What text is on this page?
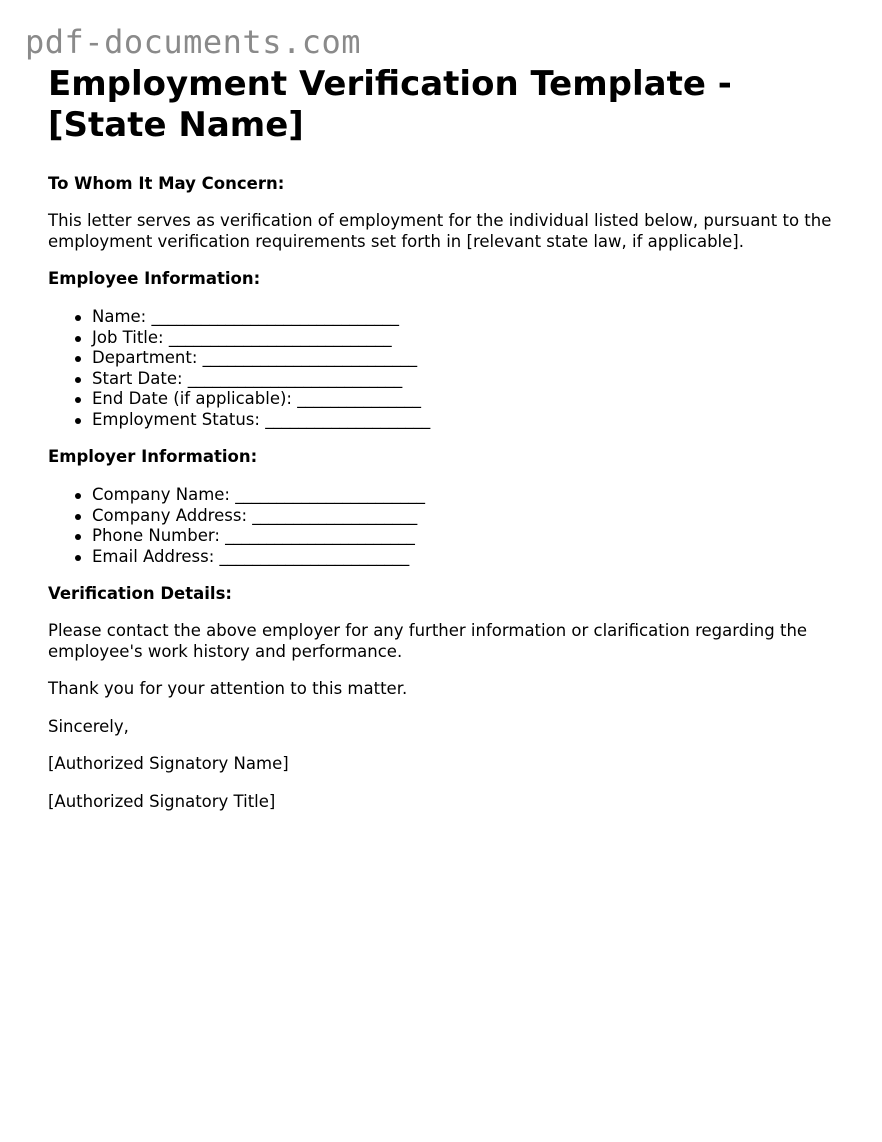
pdf-documents.com
Employment Verification Template - [State Name]
To Whom It May Concern:

This letter serves as verification of employment for the individual listed below, pursuant to the employment verification requirements set forth in [relevant state law, if applicable].

Employee Information:
Name: ______________________________
Job Title: ___________________________
Department: __________________________
Start Date: __________________________
End Date (if applicable): _______________
Employment Status: ____________________
Employer Information:
Company Name: _______________________
Company Address: ____________________
Phone Number: _______________________
Email Address: _______________________
Verification Details:

Please contact the above employer for any further information or clarification regarding the employee's work history and performance.

Thank you for your attention to this matter.

Sincerely,

[Authorized Signatory Name]

[Authorized Signatory Title]
